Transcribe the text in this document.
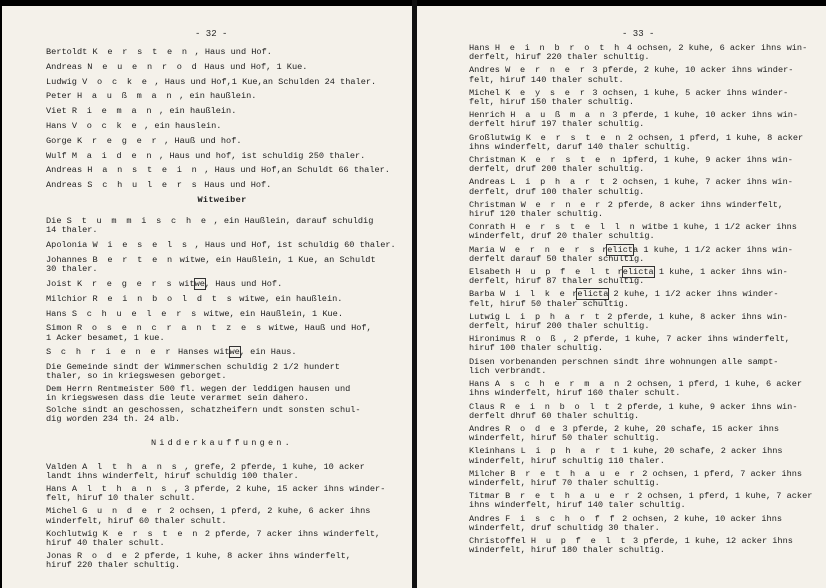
- 32 -
Bertoldt K e r s t e n , Haus und Hof.
Andreas N e u e n r o d Haus und Hof, 1 Kue.
Ludwig V o c k e , Haus und Hof,1 Kue,an Schulden 24 thaler.
Peter H a u ß m a n , ein haußlein.
Viet R i e m a n , ein haußlein.
Hans V o c k e , ein hauslein.
Gorge K r e g e r , Hauß und hof.
Wulf M a i d e n , Haus und hof, ist schuldig 250 thaler.
Andreas H a n s t e i n , Haus und Hof,an Schuldt 66 thaler.
Andreas S c h u l e r s Haus und Hof.
Witweiber
Die S t u m m i s c h e , ein Haußlein, darauf schuldig
14 thaler.
Apolonia W i e s e l s , Haus und Hof, ist schuldig 60 thaler.
Johannes B e r t e n witwe, ein Haußlein, 1 Kue, an Schuldt
30 thaler.
Joist K r e g e r s witwe, Haus und Hof.
Milchior R e i n b o l d t s witwe, ein haußlein.
Hans S c h u e l e r s witwe, ein Haußlein, 1 Kue.
Simon R o s e n c r a n t z e s witwe, Hauß und Hof,
1 Acker besamet, 1 kue.
S c h r i e n e r Hanses witwe, ein Haus.
Die Gemeinde sindt der Wimmerschen schuldig 2 1/2 hundert
thaler, so in kriegswesen geborget.
Dem Herrn Rentmeister 500 fl. wegen der leddigen hausen und
in kriegswesen dass die leute verarmet sein dahero.
Solche sindt an geschossen, schatzheifern undt sonsten schul-
dig worden 234 th. 24 alb.
Nidderkauffungen.
Valden A l t h a n s , grefe, 2 pferde, 1 kuhe, 10 acker
landt ihns winderfelt, hiruf schuldig 100 thaler.
Hans A l t h a n s , 3 pferde, 2 kuhe, 15 acker ihns winder-
felt, hiruf 10 thaler schult.
Michel G u n d e r 2 ochsen, 1 pferd, 2 kuhe, 6 acker ihns
winderfelt, hiruf 60 thaler schult.
Kochlutwig K e r s t e n 2 pferde, 7 acker ihns winderfelt,
hiruf 40 thaler schult.
Jonas R o d e 2 pferde, 1 kuhe, 8 acker ihns winderfelt,
hiruf 220 thaler schultig.
- 33 -
Hans H e i n b r o t h 4 ochsen, 2 kuhe, 6 acker ihns win-
derfelt, hiruf 220 thaler schultig.
Andres W e r n e r 3 pferde, 2 kuhe, 10 acker ihns winder-
felt, hiruf 140 thaler schult.
Michel K e y s e r 3 ochsen, 1 kuhe, 5 acker ihns winder-
felt, hiruf 150 thaler schultig.
Henrich H a u ß m a n 3 pferde, 1 kuhe, 10 acker ihns win-
derfelt hiruf 197 thaler schultig.
Großlutwig K e r s t e n 2 ochsen, 1 pferd, 1 kuhe, 8 acker
ihns winderfelt, daruf 140 thaler schultig.
Christman K e r s t e n 1pferd, 1 kuhe, 9 acker ihns win-
derfelt, druf 200 thaler schultig.
Andreas L i p h a r t 2 ochsen, 1 kuhe, 7 acker ihns win-
derfelt, druf 100 thaler schultig.
Christman W e r n e r 2 pferde, 8 acker ihns winderfelt,
hiruf 120 thaler schultig.
Conrath H e r s t e l l n witbe 1 kuhe, 1 1/2 acker ihns
winderfelt, druf 20 thaler schultig.
Maria W e r n e r s relicta 1 kuhe, 1 1/2 acker ihns win-
derfelt darauf 50 thaler schultig.
Elsabeth H u p f e l t relicta 1 kuhe, 1 acker ihns win-
derfelt, hiruf 87 thaler schultig.
Barba W i l k e relicta 2 kuhe, 1 1/2 acker ihns winder-
felt, hiruf 50 thaler schultig.
Lutwig L i p h a r t 2 pferde, 1 kuhe, 8 acker ihns win-
derfelt, hiruf 200 thaler schultig.
Hironimus R o ß , 2 pferde, 1 kuhe, 7 acker ihns winderfelt,
hiruf 100 thaler schultig.
Disen vorbenanden perschnen sindt ihre wohnungen alle sampt-
lich verbrandt.
Hans A s c h e r m a n 2 ochsen, 1 pferd, 1 kuhe, 6 acker
ihns winderfelt, hiruf 160 thaler schult.
Claus R e i n b o l t 2 pferde, 1 kuhe, 9 acker ihns win-
derfelt dhruf 60 thaler schultig.
Andres R o d e 3 pferde, 2 kuhe, 20 schafe, 15 acker ihns
winderfelt, hiruf 50 thaler schultig.
Kleinhans L i p h a r t 1 kuhe, 20 schafe, 2 acker ihns
winderfelt, hiruf schultig 110 thaler.
Milcher B r e t h a u e r 2 ochsen, 1 pferd, 7 acker ihns
winderfelt, hiruf 70 thaler schultig.
Titmar B r e t h a u e r 2 ochsen, 1 pferd, 1 kuhe, 7 acker
ihns winderfelt, hiruf 140 taler schultig.
Andres F i s c h o f f 2 ochsen, 2 kuhe, 10 acker ihns
winderfelt, druf schultidg 30 thaler.
Christoffel H u p f e l t 3 pferde, 1 kuhe, 12 acker ihns
winderfelt, hiruf 180 thaler schultig.
